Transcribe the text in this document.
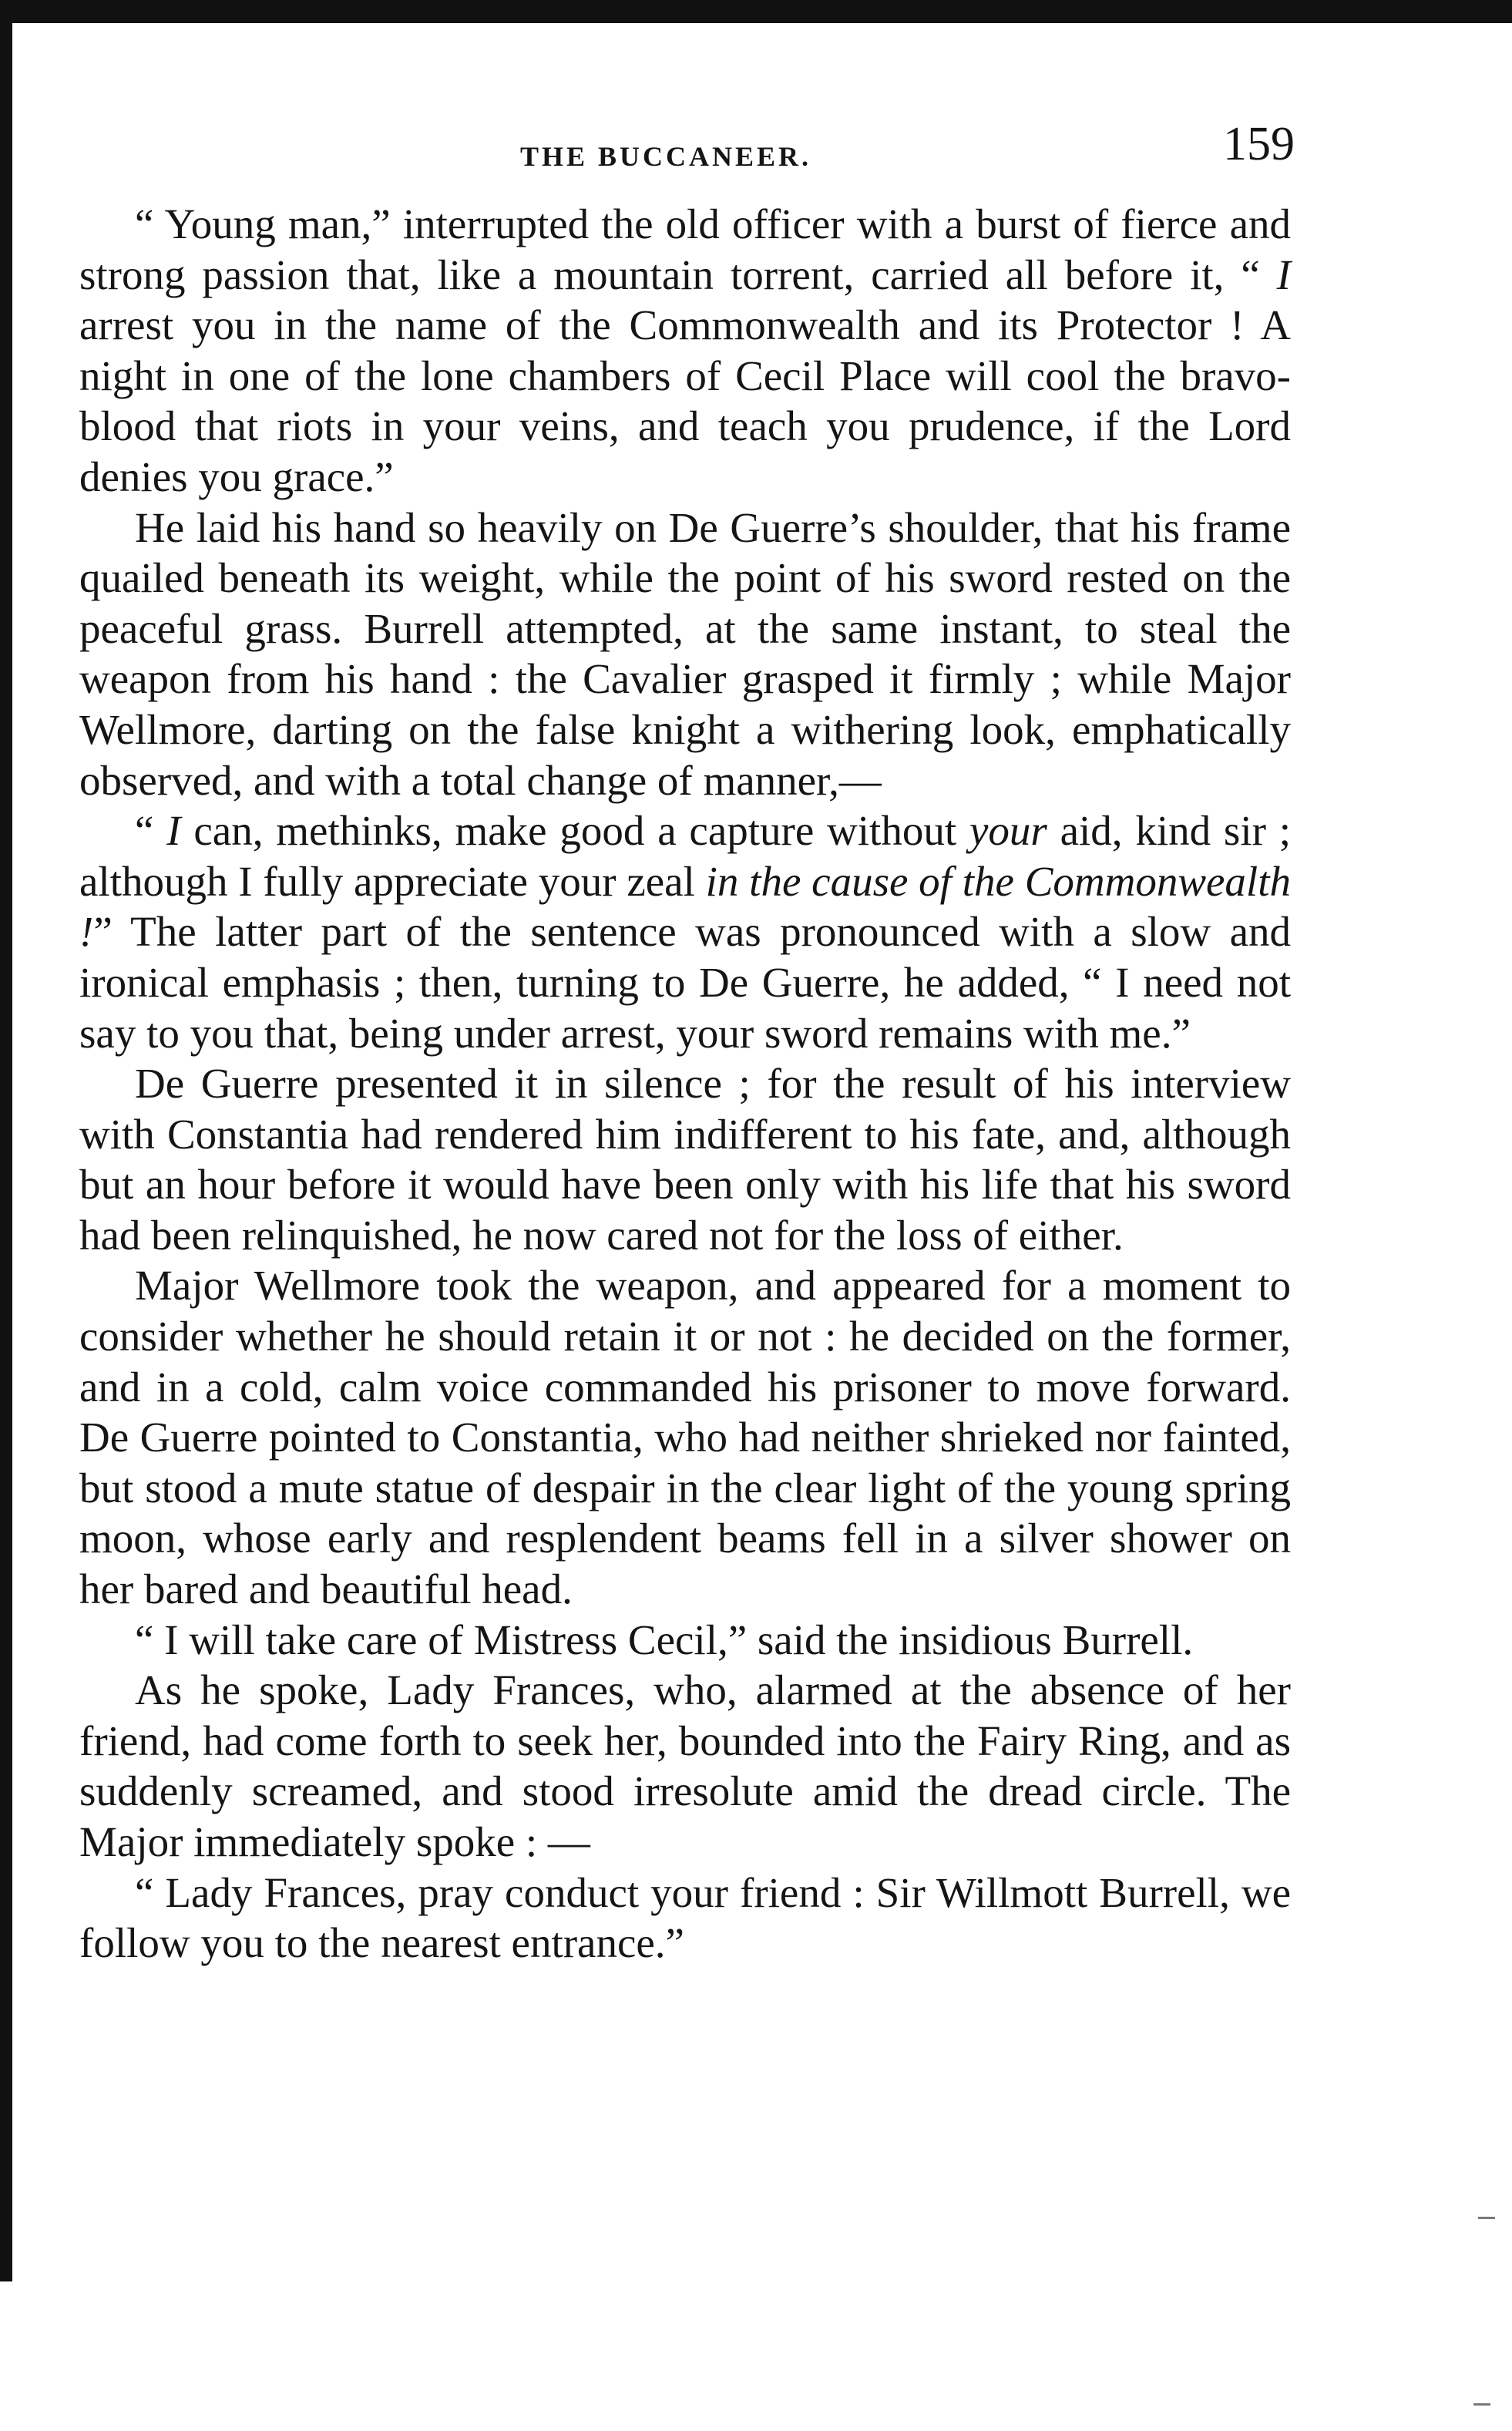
THE BUCCANEER.	159

“ Young man,” interrupted the old officer with a burst of fierce and strong passion that, like a mountain torrent, carried all before it, “ I arrest you in the name of the Commonwealth and its Protector ! A night in one of the lone chambers of Cecil Place will cool the bravo-blood that riots in your veins, and teach you prudence, if the Lord denies you grace.”

He laid his hand so heavily on De Guerre’s shoulder, that his frame quailed beneath its weight, while the point of his sword rested on the peaceful grass. Burrell attempted, at the same instant, to steal the weapon from his hand : the Cavalier grasped it firmly ; while Major Wellmore, darting on the false knight a withering look, emphatically observed, and with a total change of manner,—

“ I can, methinks, make good a capture without your aid, kind sir ; although I fully appreciate your zeal in the cause of the Commonwealth !” The latter part of the sentence was pronounced with a slow and ironical emphasis ; then, turning to De Guerre, he added, “ I need not say to you that, being under arrest, your sword remains with me.”

De Guerre presented it in silence ; for the result of his interview with Constantia had rendered him indifferent to his fate, and, although but an hour before it would have been only with his life that his sword had been relinquished, he now cared not for the loss of either.

Major Wellmore took the weapon, and appeared for a moment to consider whether he should retain it or not : he decided on the former, and in a cold, calm voice commanded his prisoner to move forward. De Guerre pointed to Constantia, who had neither shrieked nor fainted, but stood a mute statue of despair in the clear light of the young spring moon, whose early and resplendent beams fell in a silver shower on her bared and beautiful head.

“ I will take care of Mistress Cecil,” said the insidious Burrell.

As he spoke, Lady Frances, who, alarmed at the absence of her friend, had come forth to seek her, bounded into the Fairy Ring, and as suddenly screamed, and stood irresolute amid the dread circle. The Major immediately spoke : —

“ Lady Frances, pray conduct your friend : Sir Willmott Burrell, we follow you to the nearest entrance.”
